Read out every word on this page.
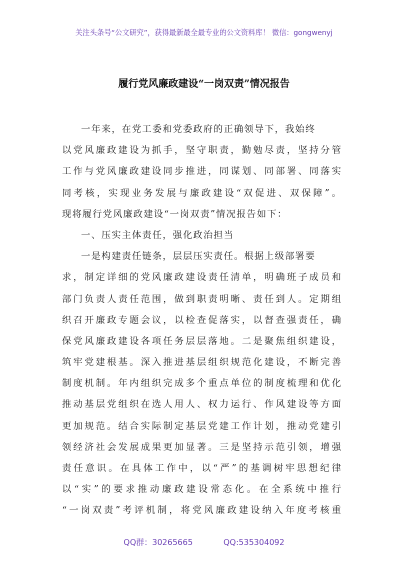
关注头条号“公文研究”，获得最新最全最专业的公文资料库！ 微信：gongwenyj
履行党风廉政建设“一岗双责”情况报告
一年来，在党工委和党委政府的正确领导下，我始终
以党风廉政建设为抓手，坚守职责，勤勉尽责，坚持分管
工作与党风廉政建设同步推进，同谋划、同部署、同落实
同考核，实现业务发展与廉政建设“双促进、双保障”。
现将履行党风廉政建设“一岗双责”情况报告如下：
一、压实主体责任，强化政治担当
一是构建责任链条，层层压实责任。根据上级部署要
求，制定详细的党风廉政建设责任清单，明确班子成员和
部门负责人责任范围，做到职责明晰、责任到人。定期组
织召开廉政专题会议，以检查促落实，以督查强责任，确
保党风廉政建设各项任务层层落地。二是聚焦组织建设，
筑牢党建根基。深入推进基层组织规范化建设，不断完善
制度机制。年内组织完成多个重点单位的制度梳理和优化
推动基层党组织在选人用人、权力运行、作风建设等方面
更加规范。结合实际制定基层党建工作计划，推动党建引
领经济社会发展成果更加显著。三是坚持示范引领，增强
责任意识。在具体工作中，以“严”的基调树牢思想纪律
以“实”的要求推动廉政建设常态化。在全系统中推行
“一岗双责”考评机制，将党风廉政建设纳入年度考核重
QQ群：30265665	QQ:535304092
